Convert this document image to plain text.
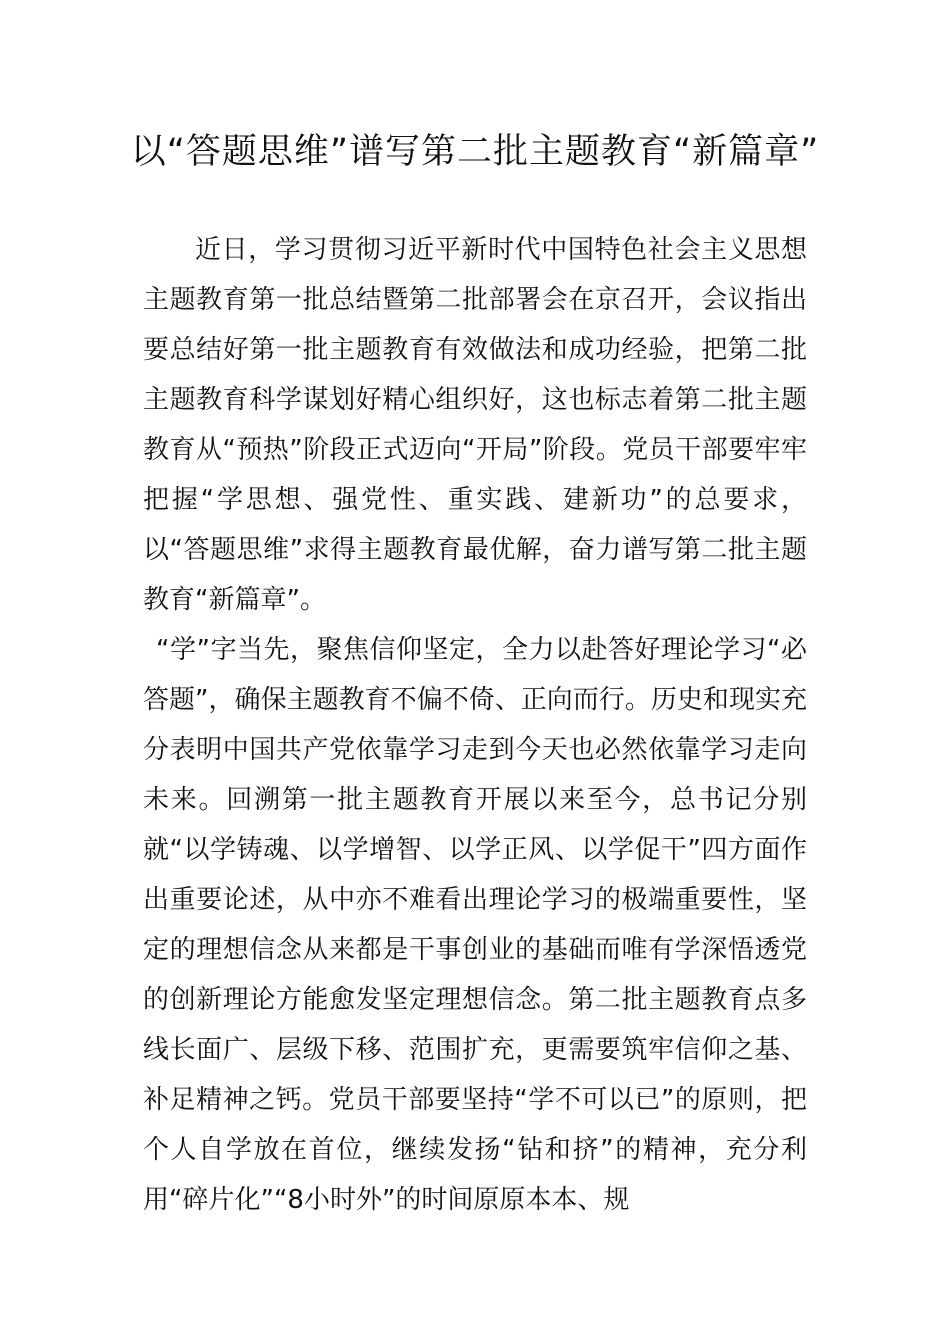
以“答题思维”谱写第二批主题教育“新篇章”

近日，学习贯彻习近平新时代中国特色社会主义思想主题教育第一批总结暨第二批部署会在京召开，会议指出要总结好第一批主题教育有效做法和成功经验，把第二批主题教育科学谋划好精心组织好，这也标志着第二批主题教育从“预热”阶段正式迈向“开局”阶段。党员干部要牢牢把握“学思想、强党性、重实践、建新功”的总要求，以“答题思维”求得主题教育最优解，奋力谱写第二批主题教育“新篇章”。

“学”字当先，聚焦信仰坚定，全力以赴答好理论学习“必答题”，确保主题教育不偏不倚、正向而行。历史和现实充分表明中国共产党依靠学习走到今天也必然依靠学习走向未来。回溯第一批主题教育开展以来至今，总书记分别就“以学铸魂、以学增智、以学正风、以学促干”四方面作出重要论述，从中亦不难看出理论学习的极端重要性，坚定的理想信念从来都是干事创业的基础而唯有学深悟透党的创新理论方能愈发坚定理想信念。第二批主题教育点多线长面广、层级下移、范围扩充，更需要筑牢信仰之基、补足精神之钙。党员干部要坚持“学不可以已”的原则，把个人自学放在首位，继续发扬“钻和挤”的精神，充分利用“碎片化”“8小时外”的时间原原本本、规
